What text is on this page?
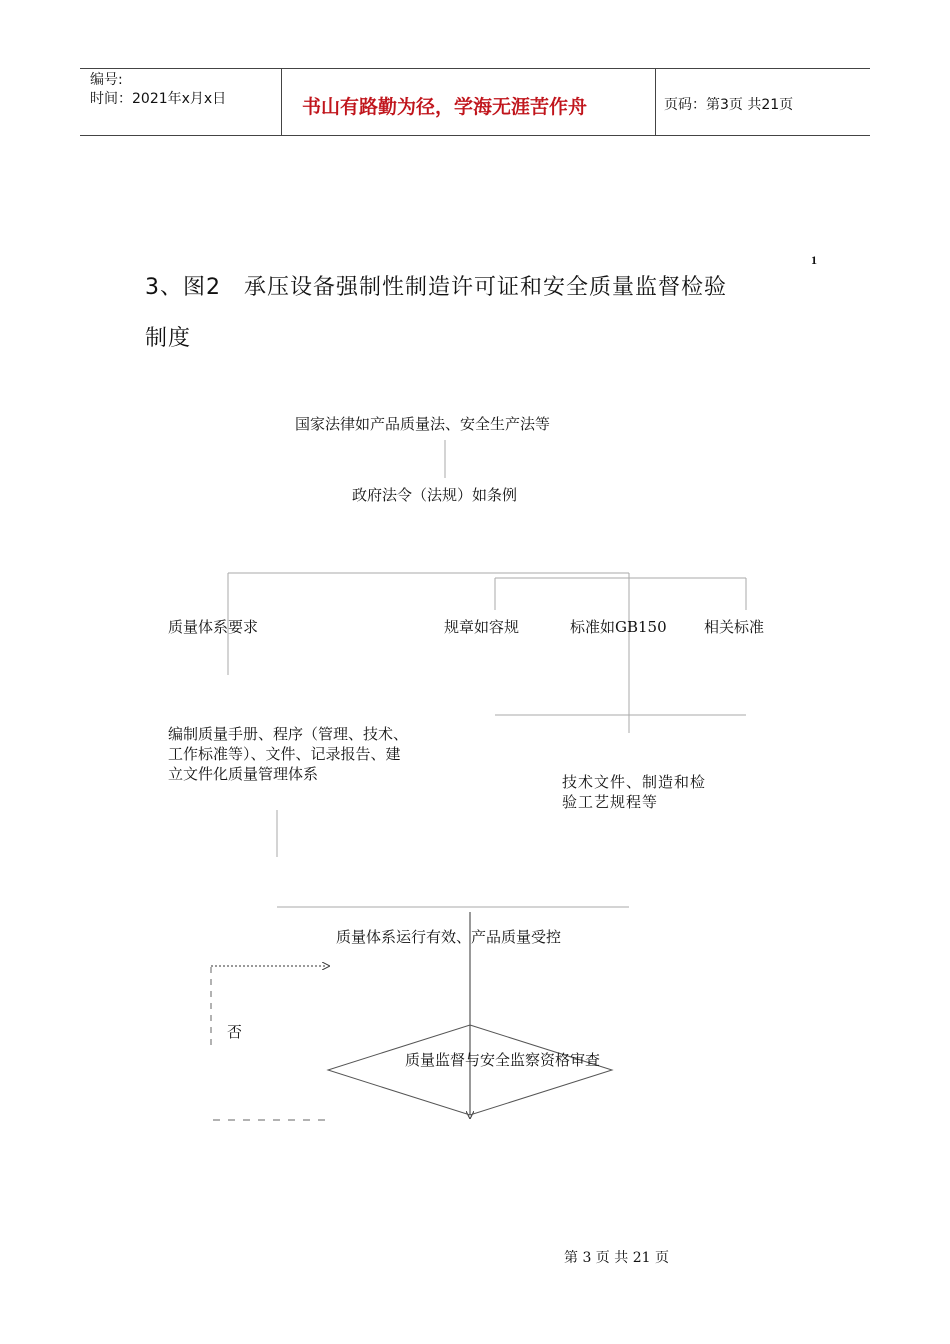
编号:
时间：2021年x月x日	书山有路勤为径，学海无涯苦作舟	页码：第3页 共21页
3、图2　承压设备强制性制造许可证和安全质量监督检验
1
制度
国家法律如产品质量法、安全生产法等
政府法令（法规）如条例
质量体系要求	规章如容规	标准如GB150 相关标准
编制质量手册、程序（管理、技术、工作标准等）、文件、记录报告、建立文件化质量管理体系	技术文件、制造和检验工艺规程等
质量体系运行有效、产品质量受控
否
质量监督与安全监察资格审查
第 3 页 共 21 页
